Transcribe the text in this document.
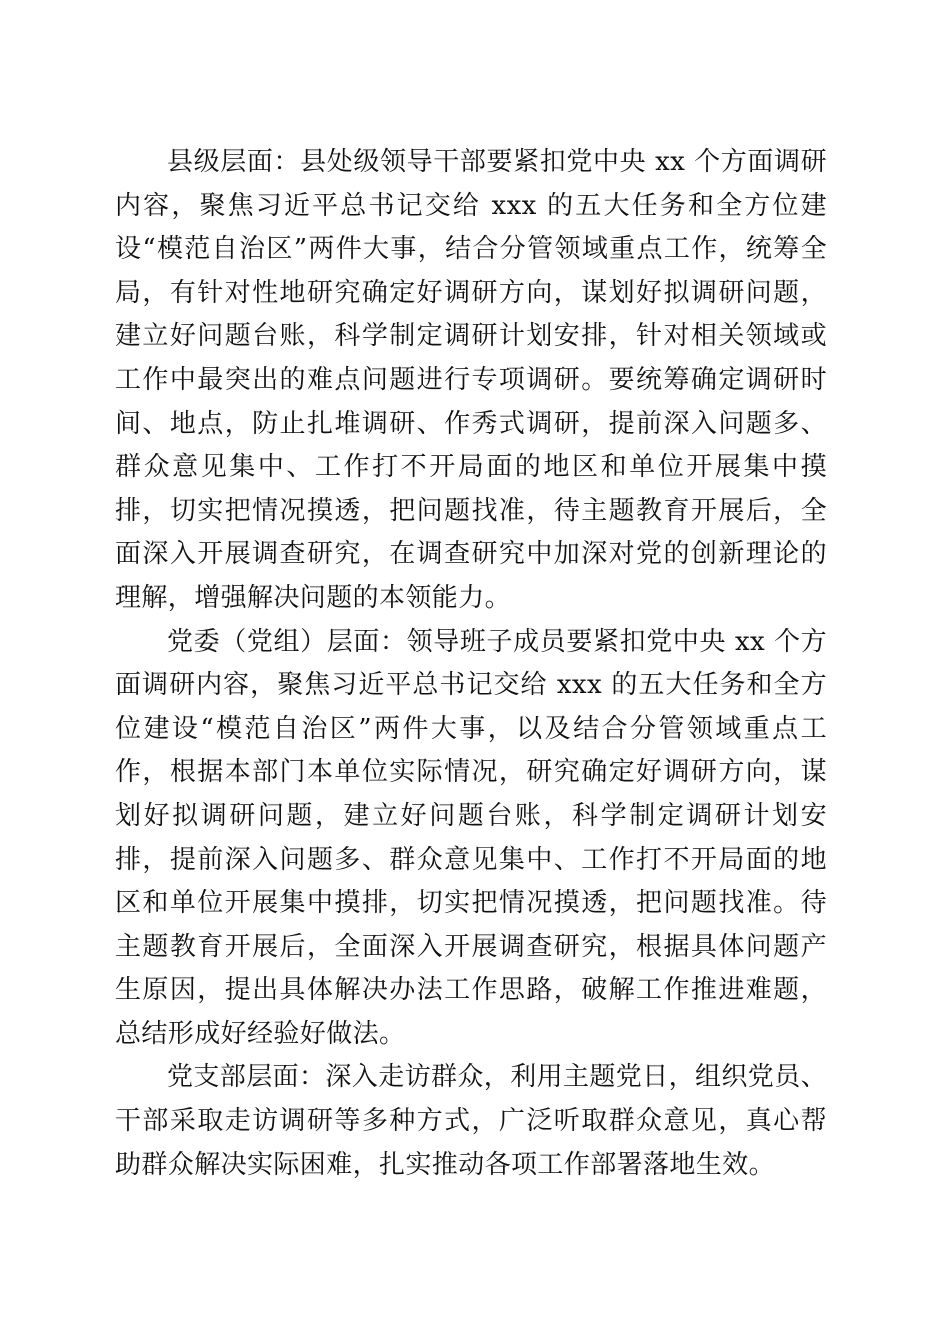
县级层面：县处级领导干部要紧扣党中央 xx 个方面调研内容，聚焦习近平总书记交给 xxx 的五大任务和全方位建设“模范自治区”两件大事，结合分管领域重点工作，统筹全局，有针对性地研究确定好调研方向，谋划好拟调研问题，建立好问题台账，科学制定调研计划安排，针对相关领域或工作中最突出的难点问题进行专项调研。要统筹确定调研时间、地点，防止扎堆调研、作秀式调研，提前深入问题多、群众意见集中、工作打不开局面的地区和单位开展集中摸排，切实把情况摸透，把问题找准，待主题教育开展后，全面深入开展调查研究，在调查研究中加深对党的创新理论的理解，增强解决问题的本领能力。

党委（党组）层面：领导班子成员要紧扣党中央 xx 个方面调研内容，聚焦习近平总书记交给 xxx 的五大任务和全方位建设“模范自治区”两件大事，以及结合分管领域重点工作，根据本部门本单位实际情况，研究确定好调研方向，谋划好拟调研问题，建立好问题台账，科学制定调研计划安排，提前深入问题多、群众意见集中、工作打不开局面的地区和单位开展集中摸排，切实把情况摸透，把问题找准。待主题教育开展后，全面深入开展调查研究，根据具体问题产生原因，提出具体解决办法工作思路，破解工作推进难题，总结形成好经验好做法。

党支部层面：深入走访群众，利用主题党日，组织党员、干部采取走访调研等多种方式，广泛听取群众意见，真心帮助群众解决实际困难，扎实推动各项工作部署落地生效。
